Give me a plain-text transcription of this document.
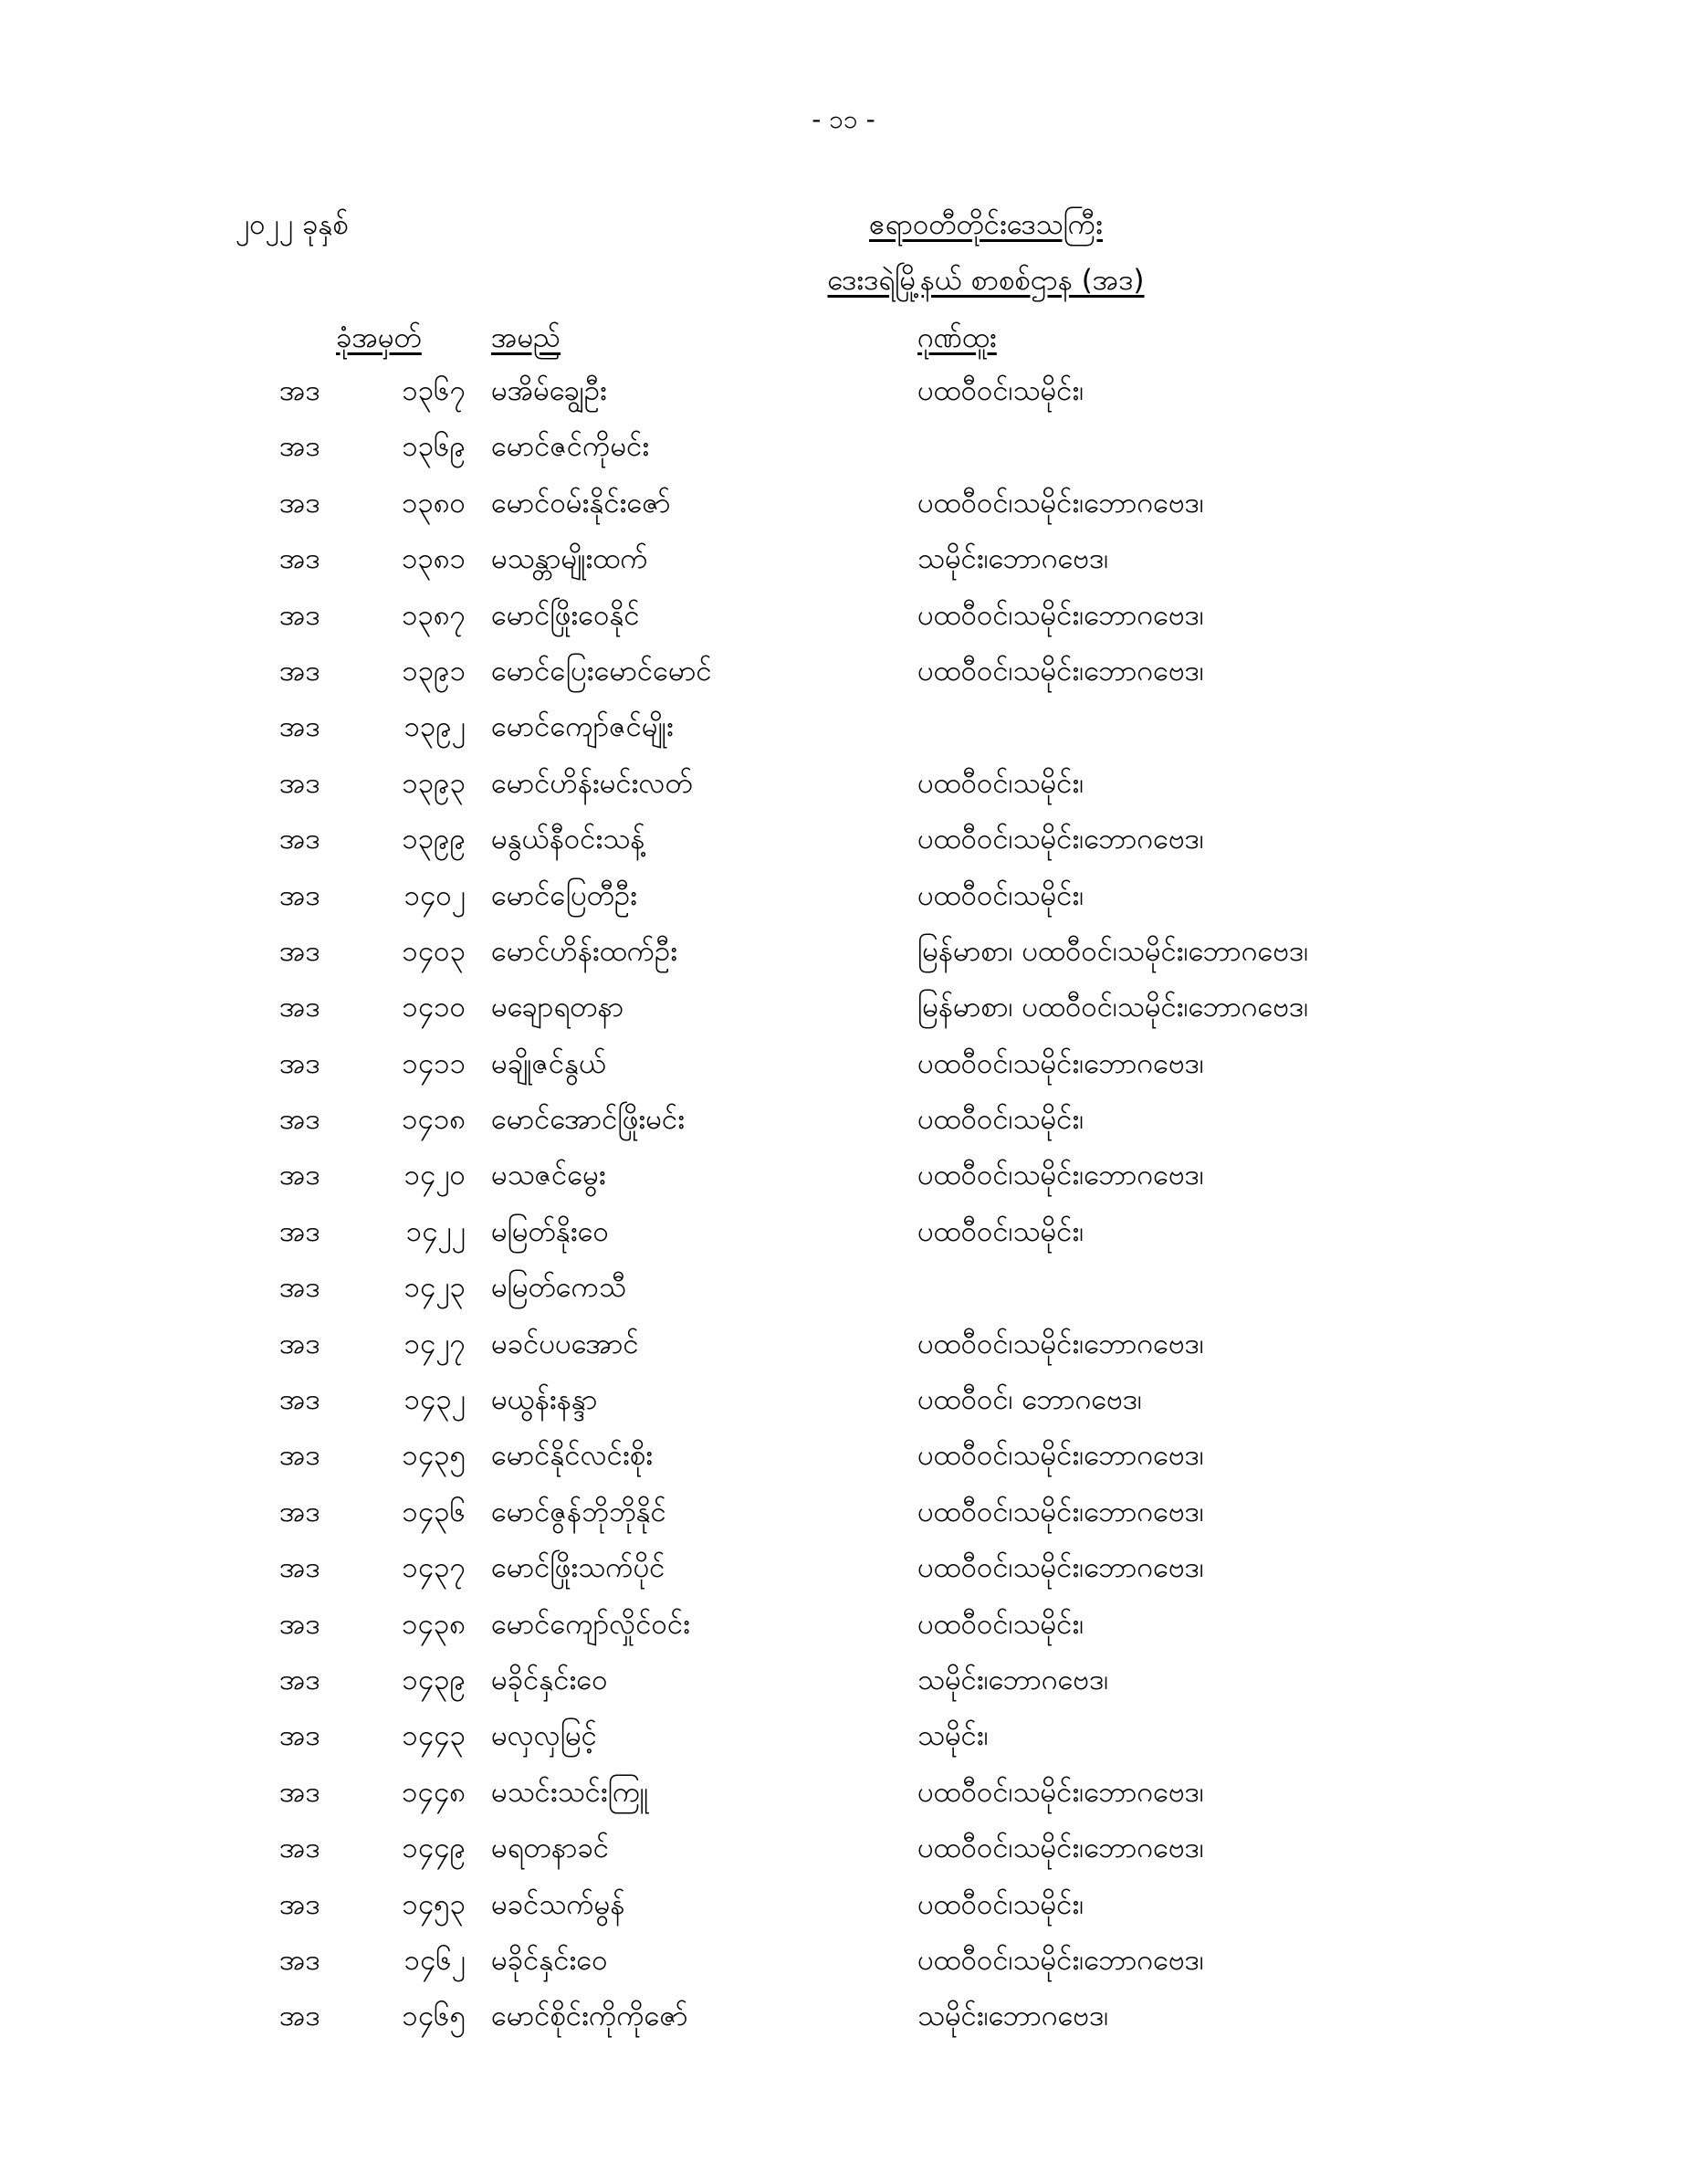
- ၁၁ -
၂၀၂၂ ခုနှစ်	ဧရာဝတီတိုင်းဒေသကြီး
ဒေးဒရဲမြို့နယ် စာစစ်ဌာန (အဒ)
ခုံအမှတ် အမည်	ဂုဏ်ထူး
အဒ	၁၃၆၇ မအိမ်ချွေဦး	ပထဝီဝင်၊သမိုင်း၊
အဒ	၁၃၆၉ မောင်ဇင်ကိုမင်း
အဒ	၁၃၈၀ မောင်ဝမ်းနိုင်းဇော်	ပထဝီဝင်၊သမိုင်း၊ဘောဂဗေဒ၊
အဒ	၁၃၈၁ မသန္တာမျိုးထက်	သမိုင်း၊ဘောဂဗေဒ၊
အဒ	၁၃၈၇ မောင်ဖြိုးဝေနိုင်	ပထဝီဝင်၊သမိုင်း၊ဘောဂဗေဒ၊
အဒ	၁၃၉၁ မောင်ပြေးမောင်မောင်	ပထဝီဝင်၊သမိုင်း၊ဘောဂဗေဒ၊
အဒ	၁၃၉၂ မောင်ကျော်ဇင်မျိုး
အဒ	၁၃၉၃ မောင်ဟိန်းမင်းလတ်	ပထဝီဝင်၊သမိုင်း၊
အဒ	၁၃၉၉ မနွယ်နီဝင်းသန့်	ပထဝီဝင်၊သမိုင်း၊ဘောဂဗေဒ၊
အဒ	၁၄၀၂ မောင်ပြေတီဦး	ပထဝီဝင်၊သမိုင်း၊
အဒ	၁၄၀၃ မောင်ဟိန်းထက်ဦး	မြန်မာစာ၊ ပထဝီဝင်၊သမိုင်း၊ဘောဂဗေဒ၊
အဒ	၁၄၁၀ မချောရတနာ	မြန်မာစာ၊ ပထဝီဝင်၊သမိုင်း၊ဘောဂဗေဒ၊
အဒ	၁၄၁၁ မချိုဇင်နွယ်	ပထဝီဝင်၊သမိုင်း၊ဘောဂဗေဒ၊
အဒ	၁၄၁၈ မောင်အောင်ဖြိုးမင်း	ပထဝီဝင်၊သမိုင်း၊
အဒ	၁၄၂၀ မသဇင်မွေး	ပထဝီဝင်၊သမိုင်း၊ဘောဂဗေဒ၊
အဒ	၁၄၂၂ မမြတ်နိုးဝေ	ပထဝီဝင်၊သမိုင်း၊
အဒ	၁၄၂၃ မမြတ်ကေသီ
အဒ	၁၄၂၇ မခင်ပပအောင်	ပထဝီဝင်၊သမိုင်း၊ဘောဂဗေဒ၊
အဒ	၁၄၃၂ မယွန်းနန္ဒာ	ပထဝီဝင်၊ ဘောဂဗေဒ၊
အဒ	၁၄၃၅ မောင်နိုင်လင်းစိုး	ပထဝီဝင်၊သမိုင်း၊ဘောဂဗေဒ၊
အဒ	၁၄၃၆ မောင်ဇွန်ဘိုဘိုနိုင်	ပထဝီဝင်၊သမိုင်း၊ဘောဂဗေဒ၊
အဒ	၁၄၃၇ မောင်ဖြိုးသက်ပိုင်	ပထဝီဝင်၊သမိုင်း၊ဘောဂဗေဒ၊
အဒ	၁၄၃၈ မောင်ကျော်လှိုင်ဝင်း	ပထဝီဝင်၊သမိုင်း၊
အဒ	၁၄၃၉ မခိုင်နှင်းဝေ	သမိုင်း၊ဘောဂဗေဒ၊
အဒ	၁၄၄၃ မလှလှမြင့်	သမိုင်း၊
အဒ	၁၄၄၈ မသင်းသင်းကြူ	ပထဝီဝင်၊သမိုင်း၊ဘောဂဗေဒ၊
အဒ	၁၄၄၉ မရတနာခင်	ပထဝီဝင်၊သမိုင်း၊ဘောဂဗေဒ၊
အဒ	၁၄၅၃ မခင်သက်မွန်	ပထဝီဝင်၊သမိုင်း၊
အဒ	၁၄၆၂ မခိုင်နှင်းဝေ	ပထဝီဝင်၊သမိုင်း၊ဘောဂဗေဒ၊
အဒ	၁၄၆၅ မောင်စိုင်းကိုကိုဇော်	သမိုင်း၊ဘောဂဗေဒ၊
